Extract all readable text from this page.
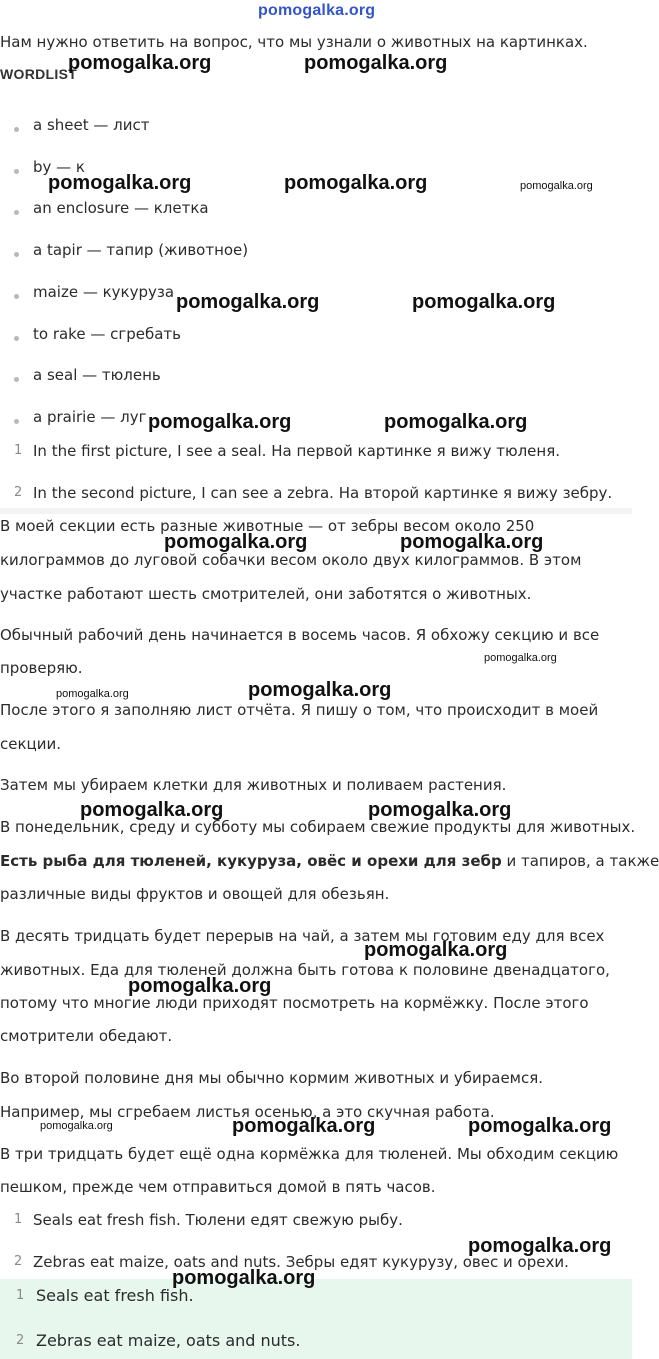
pomogalka.org
Нам нужно ответить на вопрос, что мы узнали о животных на картинках.
WORDLIST
a sheet — лист
by — к
an enclosure — клетка
a tapir — тапир (животное)
maize — кукуруза
to rake — сгребать
a seal — тюлень
a prairie — луг
1 In the first picture, I see a seal. На первой картинке я вижу тюленя.
2 In the second picture, I can see a zebra. На второй картинке я вижу зебру.
В моей секции есть разные животные — от зебры весом около 250
килограммов до луговой собачки весом около двух килограммов. В этом
участке работают шесть смотрителей, они заботятся о животных.
Обычный рабочий день начинается в восемь часов. Я обхожу секцию и все
проверяю.
После этого я заполняю лист отчёта. Я пишу о том, что происходит в моей
секции.
Затем мы убираем клетки для животных и поливаем растения.
В понедельник, среду и субботу мы собираем свежие продукты для животных.
Есть рыба для тюленей, кукуруза, овёс и орехи для зебр и тапиров, а также
различные виды фруктов и овощей для обезьян.
В десять тридцать будет перерыв на чай, а затем мы готовим еду для всех
животных. Еда для тюленей должна быть готова к половине двенадцатого,
потому что многие люди приходят посмотреть на кормёжку. После этого
смотрители обедают.
Во второй половине дня мы обычно кормим животных и убираемся.
Например, мы сгребаем листья осенью, а это скучная работа.
В три тридцать будет ещё одна кормёжка для тюленей. Мы обходим секцию
пешком, прежде чем отправиться домой в пять часов.
1 Seals eat fresh fish. Тюлени едят свежую рыбу.
2 Zebras eat maize, oats and nuts. Зебры едят кукурузу, овес и орехи.
1 Seals eat fresh fish.
2 Zebras eat maize, oats and nuts.
pomogalka.org	pomogalka.org
pomogalka.org	pomogalka.org	pomogalka.org
pomogalka.org	pomogalka.org
pomogalka.org	pomogalka.org
pomogalka.org	pomogalka.org
pomogalka.org
pomogalka.org	pomogalka.org
pomogalka.org	pomogalka.org
pomogalka.org
pomogalka.org
pomogalka.org	pomogalka.org	pomogalka.org
pomogalka.org
pomogalka.org
